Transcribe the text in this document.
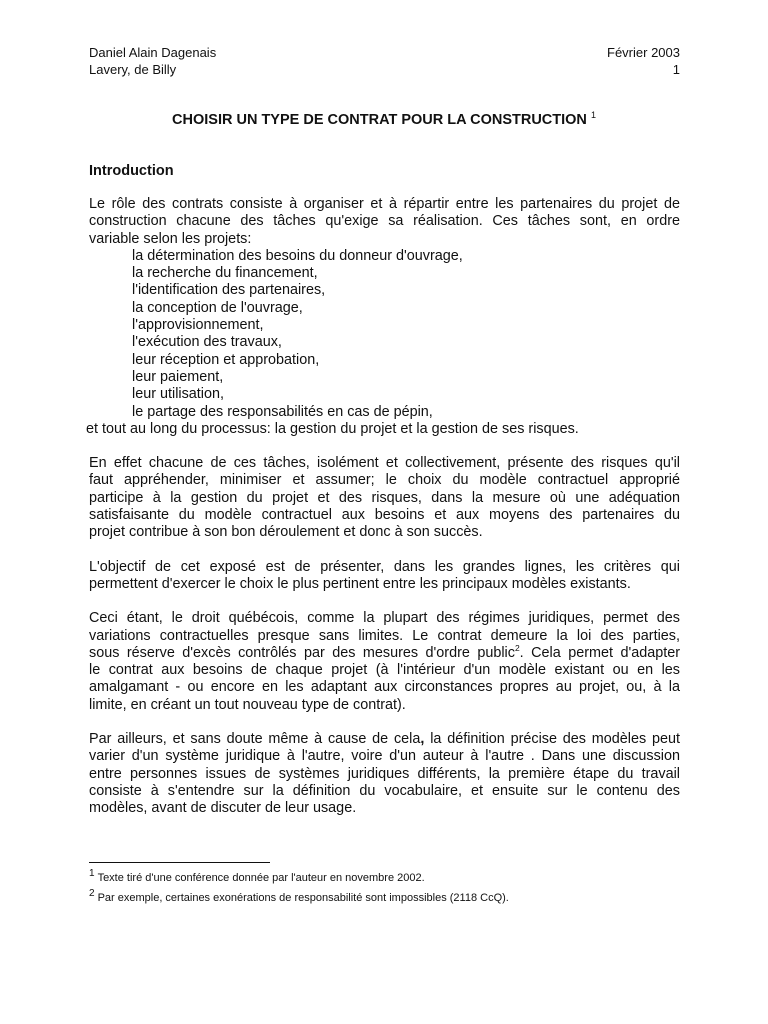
Daniel Alain Dagenais
Lavery, de Billy
Février 2003
1
CHOISIR UN TYPE DE CONTRAT POUR LA CONSTRUCTION $^1$
Introduction
Le rôle des contrats consiste à organiser et à répartir entre les partenaires du projet de
construction chacune des tâches qu'exige sa réalisation. Ces tâches sont, en ordre
variable selon les projets:
la détermination des besoins du donneur d'ouvrage,
la recherche du financement,
l'identification des partenaires,
la conception de l'ouvrage,
l'approvisionnement,
l'exécution des travaux,
leur réception et approbation,
leur paiement,
leur utilisation,
le partage des responsabilités en cas de pépin,
et tout au long du processus: la gestion du projet et la gestion de ses risques.
En effet chacune de ces tâches, isolément et collectivement, présente des risques qu'il
faut appréhender, minimiser et assumer; le choix du modèle contractuel approprié
participe à la gestion du projet et des risques, dans la mesure où une adéquation
satisfaisante du modèle contractuel aux besoins et aux moyens des partenaires du
projet contribue à son bon déroulement et donc à son succès.
L'objectif de cet exposé est de présenter, dans les grandes lignes, les critères qui
permettent d'exercer le choix le plus pertinent entre les principaux modèles existants.
Ceci étant, le droit québécois, comme la plupart des régimes juridiques, permet des
variations contractuelles presque sans limites. Le contrat demeure la loi des parties,
sous réserve d'excès contrôlés par des mesures d'ordre public$^2$. Cela permet d'adapter
le contrat aux besoins de chaque projet (à l'intérieur d'un modèle existant ou en les
amalgamant - ou encore en les adaptant aux circonstances propres au projet, ou, à la
limite, en créant un tout nouveau type de contrat).
Par ailleurs, et sans doute même à cause de cela, la définition précise des modèles peut
varier d'un système juridique à l'autre, voire d'un auteur à l'autre . Dans une discussion
entre personnes issues de systèmes juridiques différents, la première étape du travail
consiste à s'entendre sur la définition du vocabulaire, et ensuite sur le contenu des
modèles, avant de discuter de leur usage.
$^1$ Texte tiré d'une conférence donnée par l'auteur en novembre 2002.
$^2$ Par exemple, certaines exonérations de responsabilité sont impossibles (2118 CcQ).
